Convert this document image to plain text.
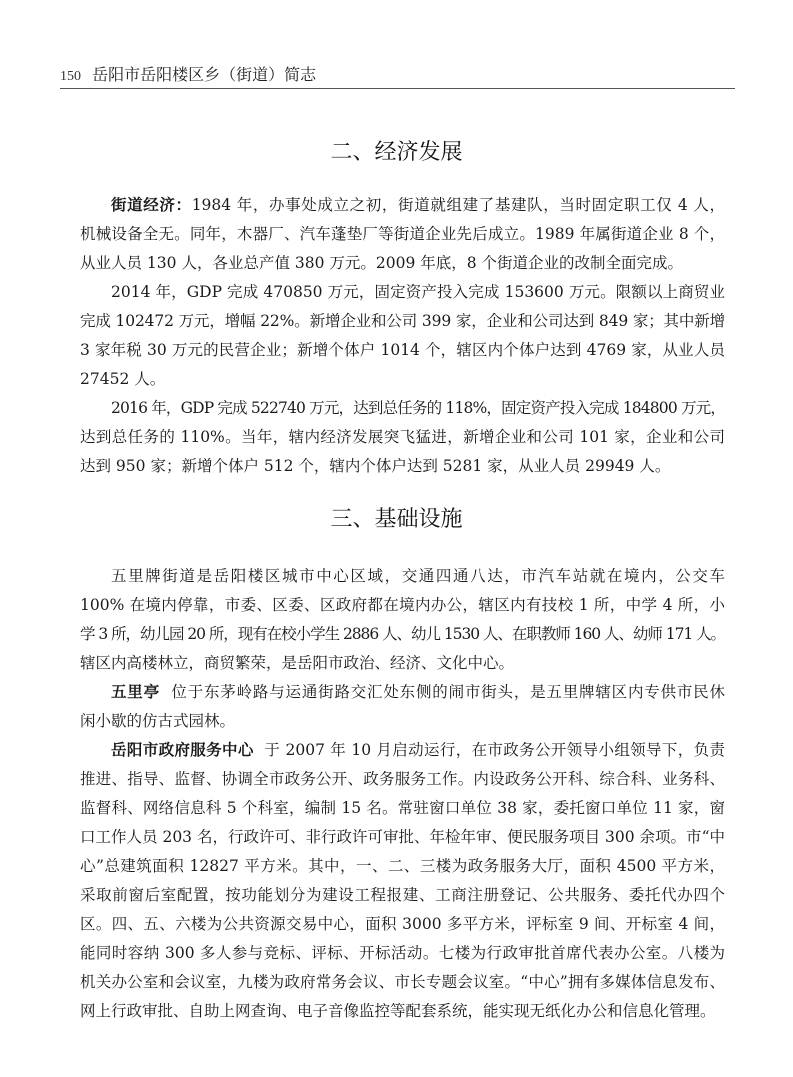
150 岳阳市岳阳楼区乡（街道）简志
二、经济发展
街道经济：1984 年，办事处成立之初，街道就组建了基建队，当时固定职工仅 4 人，
机械设备全无。同年，木器厂、汽车蓬垫厂等街道企业先后成立。1989 年属街道企业 8 个，
从业人员 130 人，各业总产值 380 万元。2009 年底，8 个街道企业的改制全面完成。
2014 年，GDP 完成 470850 万元，固定资产投入完成 153600 万元。限额以上商贸业
完成 102472 万元，增幅 22%。新增企业和公司 399 家，企业和公司达到 849 家；其中新增
3 家年税 30 万元的民营企业；新增个体户 1014 个，辖区内个体户达到 4769 家，从业人员
27452 人。
2016 年，GDP 完成 522740 万元，达到总任务的 118%，固定资产投入完成 184800 万元，
达到总任务的 110%。当年，辖内经济发展突飞猛进，新增企业和公司 101 家，企业和公司
达到 950 家；新增个体户 512 个，辖内个体户达到 5281 家，从业人员 29949 人。
三、基础设施
五里牌街道是岳阳楼区城市中心区域，交通四通八达，市汽车站就在境内，公交车
100% 在境内停靠，市委、区委、区政府都在境内办公，辖区内有技校 1 所，中学 4 所，小
学 3 所，幼儿园 20 所，现有在校小学生 2886 人、幼儿 1530 人、在职教师 160 人、幼师 171 人。
辖区内高楼林立，商贸繁荣，是岳阳市政治、经济、文化中心。
五里亭  位于东茅岭路与运通街路交汇处东侧的闹市街头，是五里牌辖区内专供市民休
闲小歇的仿古式园林。
岳阳市政府服务中心  于 2007 年 10 月启动运行，在市政务公开领导小组领导下，负责
推进、指导、监督、协调全市政务公开、政务服务工作。内设政务公开科、综合科、业务科、
监督科、网络信息科 5 个科室，编制 15 名。常驻窗口单位 38 家，委托窗口单位 11 家，窗
口工作人员 203 名，行政许可、非行政许可审批、年检年审、便民服务项目 300 余项。市“中
心”总建筑面积 12827 平方米。其中，一、二、三楼为政务服务大厅，面积 4500 平方米，
采取前窗后室配置，按功能划分为建设工程报建、工商注册登记、公共服务、委托代办四个
区。四、五、六楼为公共资源交易中心，面积 3000 多平方米，评标室 9 间、开标室 4 间，
能同时容纳 300 多人参与竞标、评标、开标活动。七楼为行政审批首席代表办公室。八楼为
机关办公室和会议室，九楼为政府常务会议、市长专题会议室。“中心”拥有多媒体信息发布、
网上行政审批、自助上网查询、电子音像监控等配套系统，能实现无纸化办公和信息化管理。
